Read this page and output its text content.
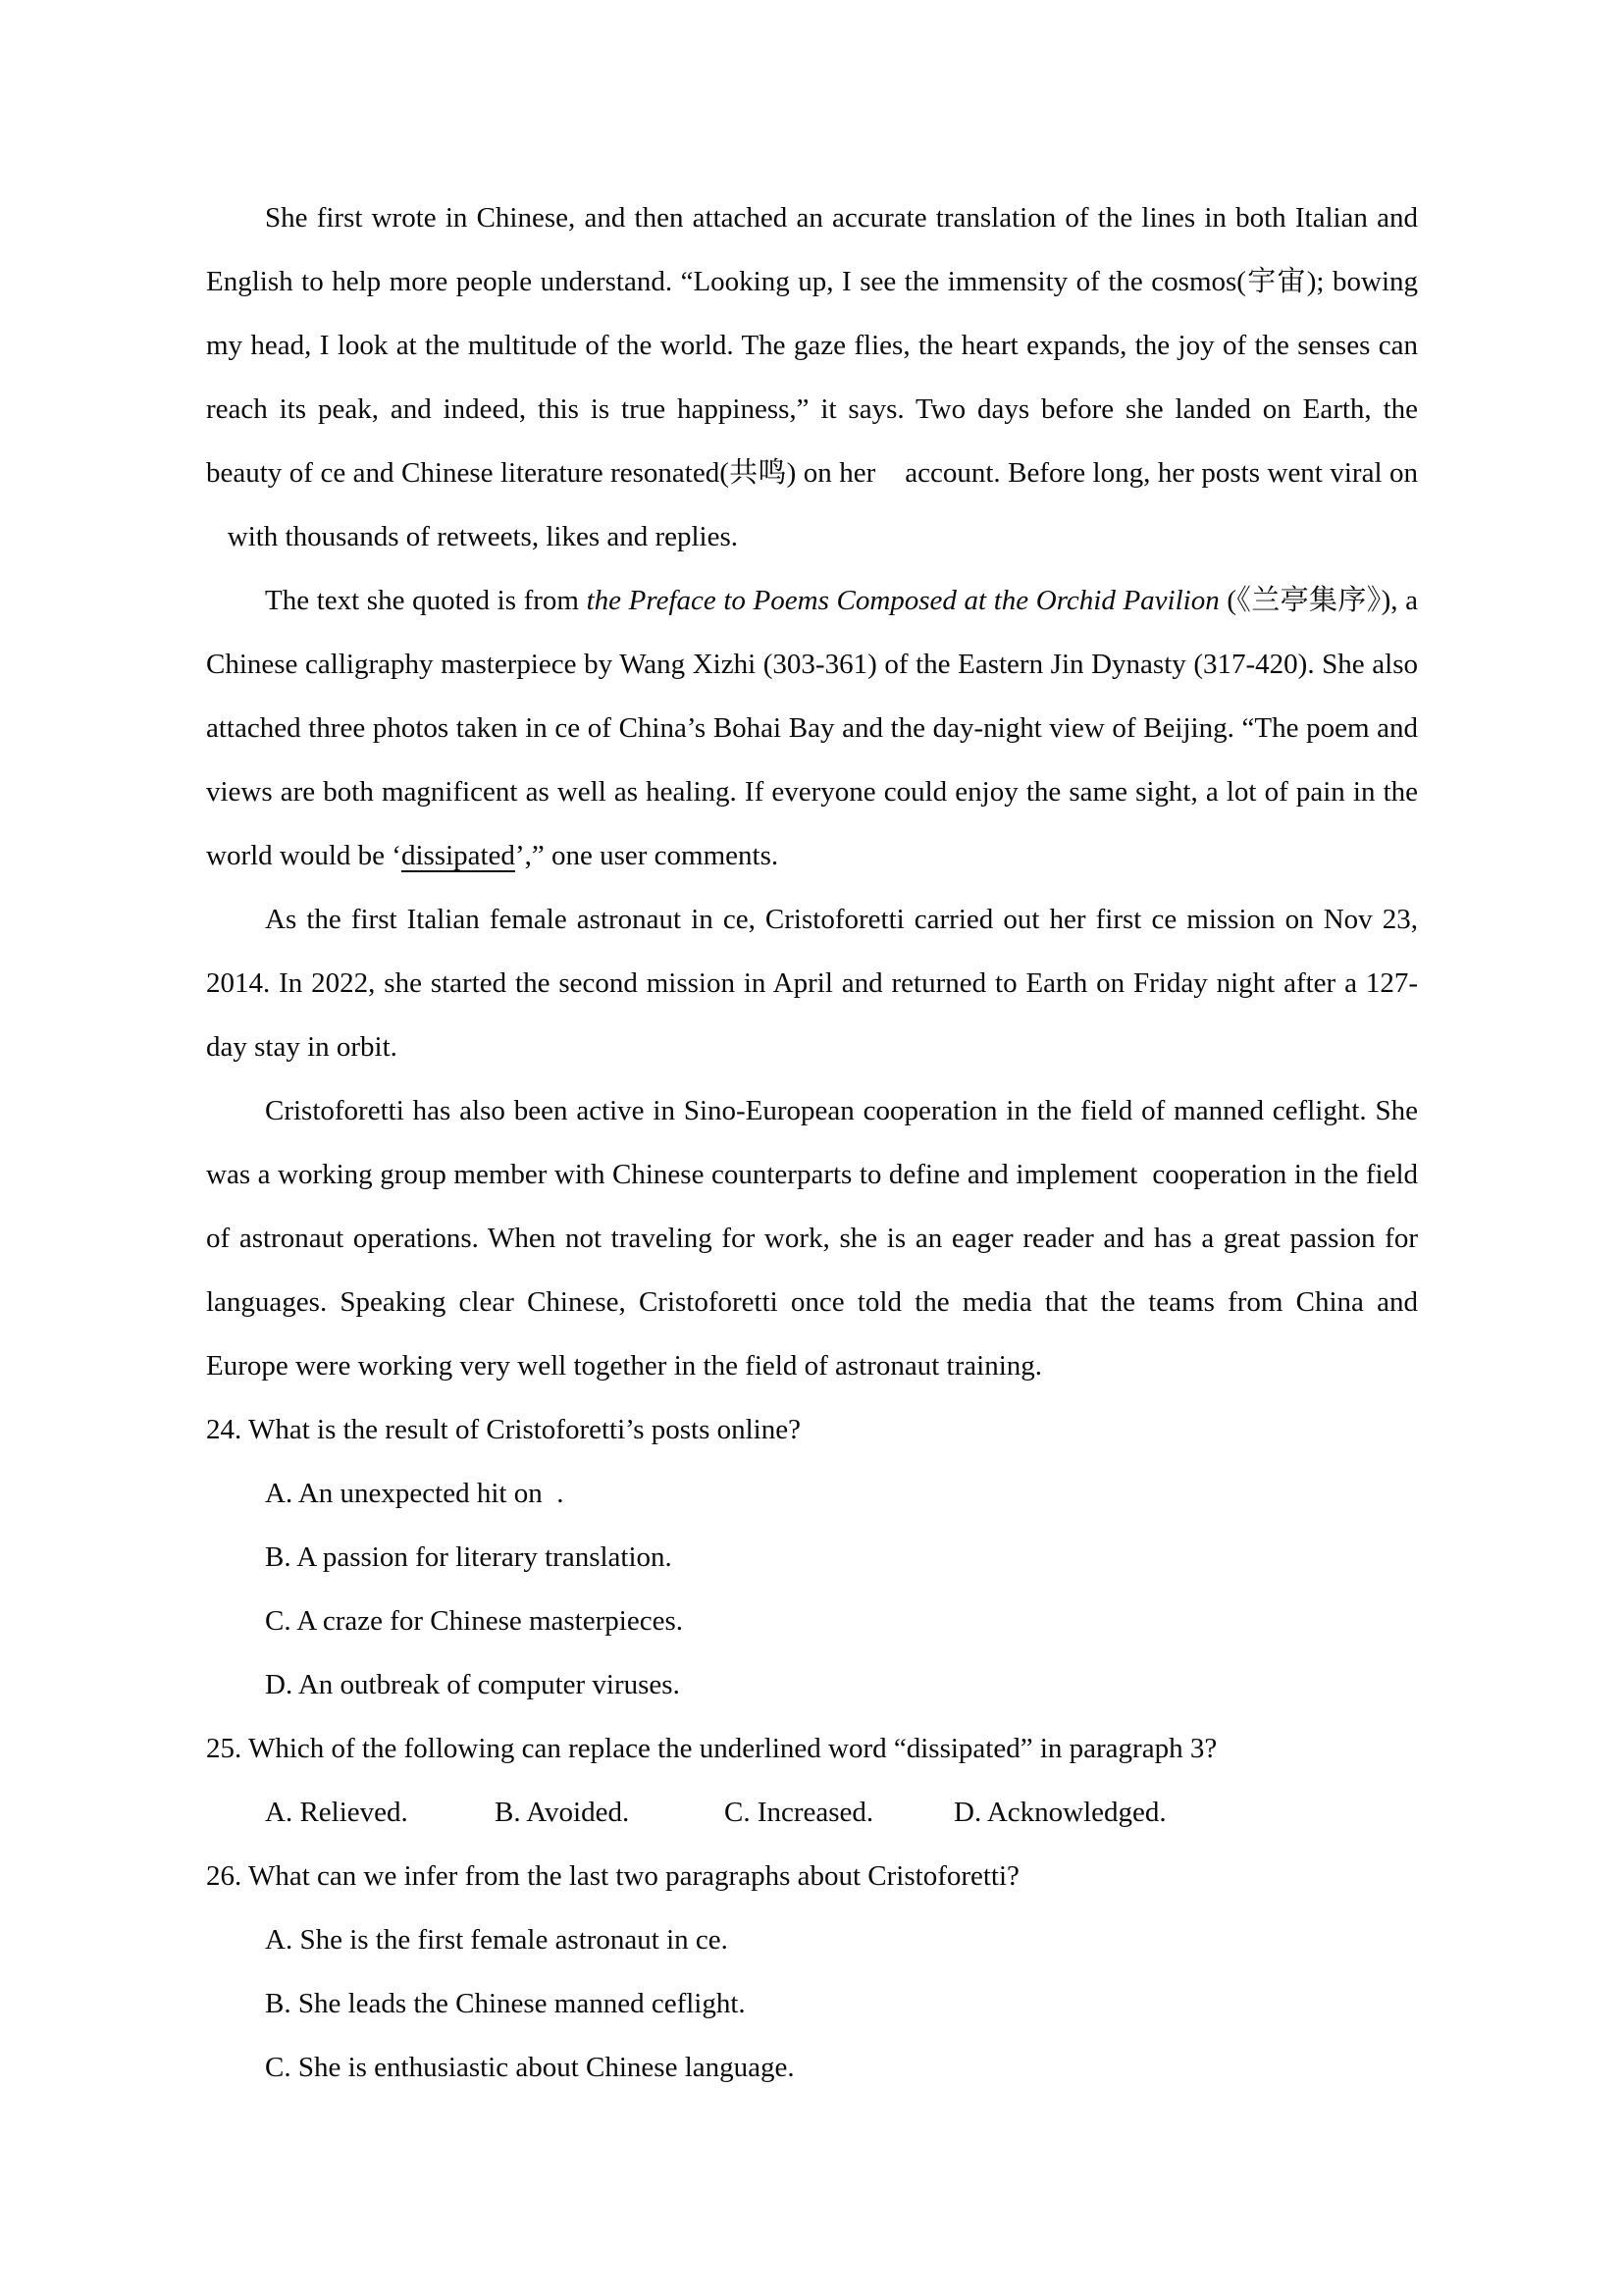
She first wrote in Chinese, and then attached an accurate translation of the lines in both Italian and English to help more people understand. “Looking up, I see the immensity of the cosmos(宇宙); bowing my head, I look at the multitude of the world. The gaze flies, the heart expands, the joy of the senses can reach its peak, and indeed, this is true happiness,” it says. Two days before she landed on Earth, the beauty of ce and Chinese literature resonated(共鸣) on her    account. Before long, her posts went viral on    with thousands of retweets, likes and replies.

The text she quoted is from the Preface to Poems Composed at the Orchid Pavilion (《兰亭集序》), a Chinese calligraphy masterpiece by Wang Xizhi (303-361) of the Eastern Jin Dynasty (317-420). She also attached three photos taken in ce of China’s Bohai Bay and the day-night view of Beijing. “The poem and views are both magnificent as well as healing. If everyone could enjoy the same sight, a lot of pain in the world would be ‘dissipated’,” one user comments.

As the first Italian female astronaut in ce, Cristoforetti carried out her first ce mission on Nov 23, 2014. In 2022, she started the second mission in April and returned to Earth on Friday night after a 127-day stay in orbit.

Cristoforetti has also been active in Sino-European cooperation in the field of manned ceflight. She was a working group member with Chinese counterparts to define and implement  cooperation in the field of astronaut operations. When not traveling for work, she is an eager reader and has a great passion for languages. Speaking clear Chinese, Cristoforetti once told the media that the teams from China and Europe were working very well together in the field of astronaut training.

24. What is the result of Cristoforetti’s posts online?

A. An unexpected hit on  .

B. A passion for literary translation.

C. A craze for Chinese masterpieces.

D. An outbreak of computer viruses.

25. Which of the following can replace the underlined word “dissipated” in paragraph 3?

A. Relieved.	B. Avoided.	C. Increased.	D. Acknowledged.

26. What can we infer from the last two paragraphs about Cristoforetti?

A. She is the first female astronaut in ce.

B. She leads the Chinese manned ceflight.

C. She is enthusiastic about Chinese language.
